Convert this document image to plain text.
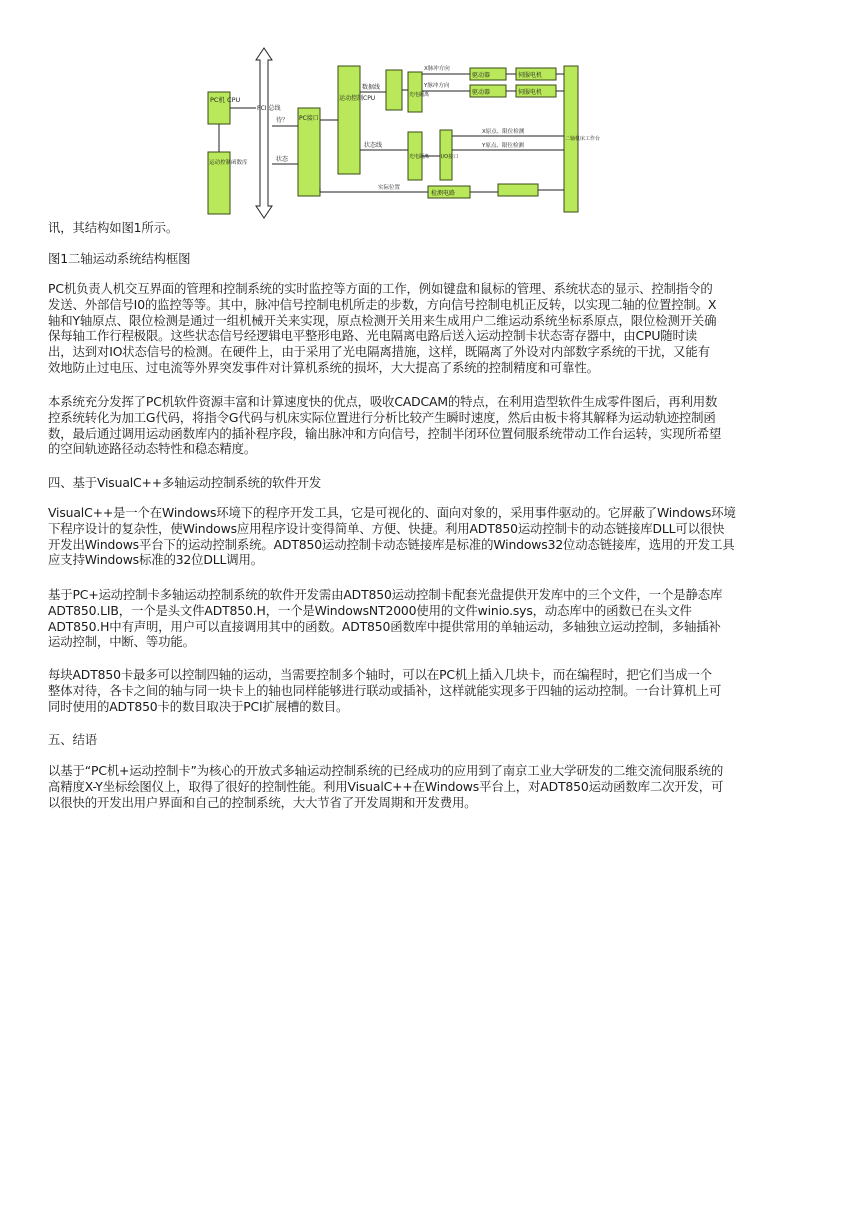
PC机 CPU
PCI 总线
PC接口
运动控制CPU
运动控制函数库
待？
状态
数据线
状态线
光电隔离
光电隔离 I/O接口
驱动器
驱动器
伺服电机
伺服电机
二轴机床工作台
X脉冲方向
Y脉冲方向
X原点、限位检测
Y原点、限位检测
实际位置
检测电路

讯，其结构如图1所示。

图1二轴运动系统结构框图

PC机负责人机交互界面的管理和控制系统的实时监控等方面的工作，例如键盘和鼠标的管理、系统状态的显示、控制指令的

发送、外部信号I0的监控等等。其中，脉冲信号控制电机所走的步数，方向信号控制电机正反转，以实现二轴的位置控制。X

轴和Y轴原点、限位检测是通过一组机械开关来实现，原点检测开关用来生成用户二维运动系统坐标系原点，限位检测开关确

保每轴工作行程极限。这些状态信号经逻辑电平整形电路、光电隔离电路后送入运动控制卡状态寄存器中，由CPU随时读

出，达到对IO状态信号的检测。在硬件上，由于采用了光电隔离措施，这样，既隔离了外设对内部数字系统的干扰，又能有

效地防止过电压、过电流等外界突发事件对计算机系统的损坏，大大提高了系统的控制精度和可靠性。

本系统充分发挥了PC机软件资源丰富和计算速度快的优点，吸收CADCAM的特点，在利用造型软件生成零件图后，再利用数

控系统转化为加工G代码，将指令G代码与机床实际位置进行分析比较产生瞬时速度，然后由板卡将其解释为运动轨迹控制函

数，最后通过调用运动函数库内的插补程序段，输出脉冲和方向信号，控制半闭环位置伺服系统带动工作台运转，实现所希望

的空间轨迹路径动态特性和稳态精度。

四、基于VisualC++多轴运动控制系统的软件开发

VisualC++是一个在Windows环境下的程序开发工具，它是可视化的、面向对象的，采用事件驱动的。它屏蔽了Windows环境

下程序设计的复杂性，使Windows应用程序设计变得简单、方便、快捷。利用ADT850运动控制卡的动态链接库DLL可以很快

开发出Windows平台下的运动控制系统。ADT850运动控制卡动态链接库是标准的Windows32位动态链接库，选用的开发工具

应支持Windows标准的32位DLL调用。

基于PC+运动控制卡多轴运动控制系统的软件开发需由ADT850运动控制卡配套光盘提供开发库中的三个文件，一个是静态库

ADT850.LIB，一个是头文件ADT850.H，一个是WindowsNT2000使用的文件winio.sys，动态库中的函数已在头文件

ADT850.H中有声明，用户可以直接调用其中的函数。ADT850函数库中提供常用的单轴运动，多轴独立运动控制，多轴插补

运动控制，中断、等功能。

每块ADT850卡最多可以控制四轴的运动，当需要控制多个轴时，可以在PC机上插入几块卡，而在编程时，把它们当成一个

整体对待，各卡之间的轴与同一块卡上的轴也同样能够进行联动或插补，这样就能实现多于四轴的运动控制。一台计算机上可

同时使用的ADT850卡的数目取决于PCI扩展槽的数目。

五、结语

以基于“PC机+运动控制卡”为核心的开放式多轴运动控制系统的已经成功的应用到了南京工业大学研发的二维交流伺服系统的

高精度X-Y坐标绘图仪上，取得了很好的控制性能。利用VisualC++在Windows平台上，对ADT850运动函数库二次开发，可

以很快的开发出用户界面和自己的控制系统，大大节省了开发周期和开发费用。
